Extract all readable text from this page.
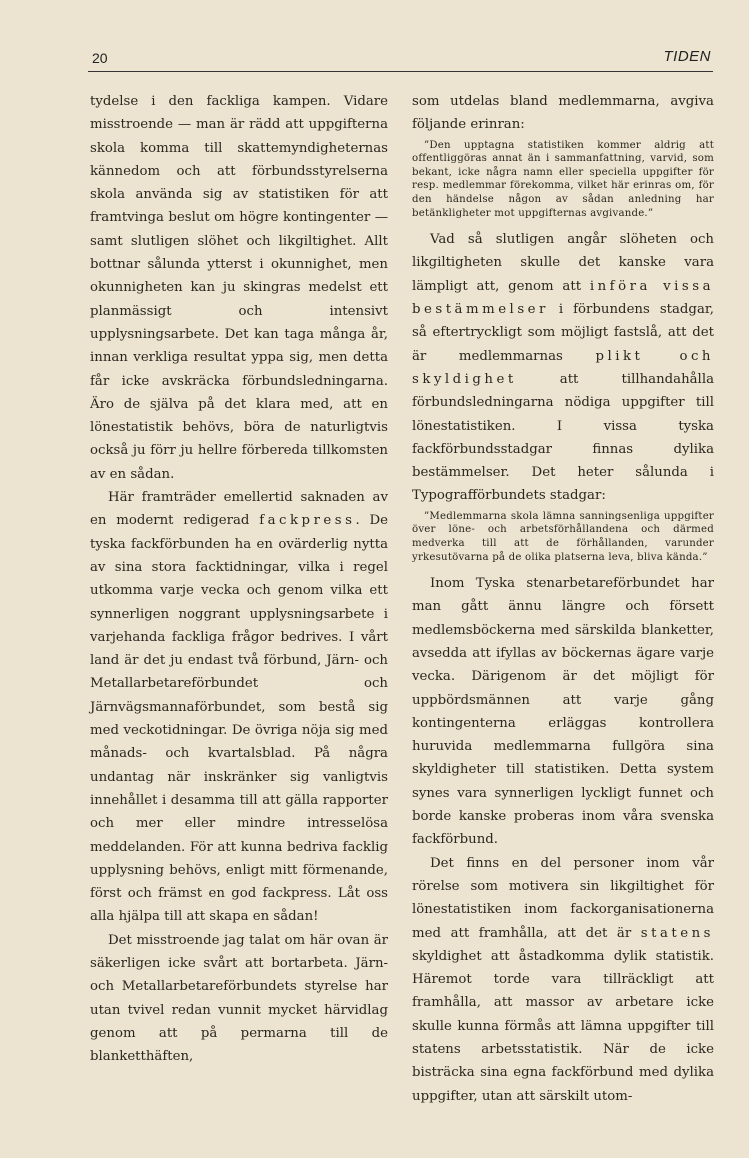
20	TIDEN

tydelse i den fackliga kampen. Vidare misstroende — man är rädd att uppgifterna skola komma till skattemyndigheternas kännedom och att förbundsstyrelserna skola använda sig av statistiken för att framtvinga beslut om högre kontingenter — samt slutligen slöhet och likgiltighet. Allt bottnar sålunda ytterst i okunnighet, men okunnigheten kan ju skingras medelst ett planmässigt och intensivt upplysningsarbete. Det kan taga många år, innan verkliga resultat yppa sig, men detta får icke avskräcka förbundsledningarna. Äro de själva på det klara med, att en lönestatistik behövs, böra de naturligtvis också ju förr ju hellre förbereda tillkomsten av en sådan.

Här framträder emellertid saknaden av en modernt redigerad fackpress. De tyska fackförbunden ha en ovärderlig nytta av sina stora facktidningar, vilka i regel utkomma varje vecka och genom vilka ett synnerligen noggrant upplysningsarbete i varjehanda fackliga frågor bedrives. I vårt land är det ju endast två förbund, Järn- och Metallarbetareförbundet och Järnvägsmannaförbundet, som bestå sig med veckotidningar. De övriga nöja sig med månads- och kvartalsblad. På några undantag när inskränker sig vanligtvis innehållet i desamma till att gälla rapporter och mer eller mindre intresselösa meddelanden. För att kunna bedriva facklig upplysning behövs, enligt mitt förmenande, först och främst en god fackpress. Låt oss alla hjälpa till att skapa en sådan!

Det misstroende jag talat om här ovan är säkerligen icke svårt att bortarbeta. Järn- och Metallarbetareförbundets styrelse har utan tvivel redan vunnit mycket härvidlag genom att på permarna till de blanketthäften,

som utdelas bland medlemmarna, avgiva följande erinran:

”Den upptagna statistiken kommer aldrig att offentliggöras annat än i sammanfattning, varvid, som bekant, icke några namn eller speciella uppgifter för resp. medlemmar förekomma, vilket här erinras om, för den händelse någon av sådan anledning har betänkligheter mot uppgifternas avgivande.”

Vad så slutligen angår slöheten och likgiltigheten skulle det kanske vara lämpligt att, genom att införa vissa bestämmelser i förbundens stadgar, så eftertryckligt som möjligt fastslå, att det är medlemmarnas plikt och skyldighet att tillhandahålla förbundsledningarna nödiga uppgifter till lönestatistiken. I vissa tyska fackförbundsstadgar finnas dylika bestämmelser. Det heter sålunda i Typografförbundets stadgar:

”Medlemmarna skola lämna sanningsenliga uppgifter över löne- och arbetsförhållandena och därmed medverka till att de förhållanden, varunder yrkesutövarna på de olika platserna leva, bliva kända.”

Inom Tyska stenarbetareförbundet har man gått ännu längre och försett medlemsböckerna med särskilda blanketter, avsedda att ifyllas av böckernas ägare varje vecka. Därigenom är det möjligt för uppbördsmännen att varje gång kontingenterna erläggas kontrollera huruvida medlemmarna fullgöra sina skyldigheter till statistiken. Detta system synes vara synnerligen lyckligt funnet och borde kanske proberas inom våra svenska fackförbund.

Det finns en del personer inom vår rörelse som motivera sin likgiltighet för lönestatistiken inom fackorganisationerna med att framhålla, att det är statens skyldighet att åstadkomma dylik statistik. Häremot torde vara tillräckligt att framhålla, att massor av arbetare icke skulle kunna förmås att lämna uppgifter till statens arbetsstatistik. När de icke bisträcka sina egna fackförbund med dylika uppgifter, utan att särskilt utom-
